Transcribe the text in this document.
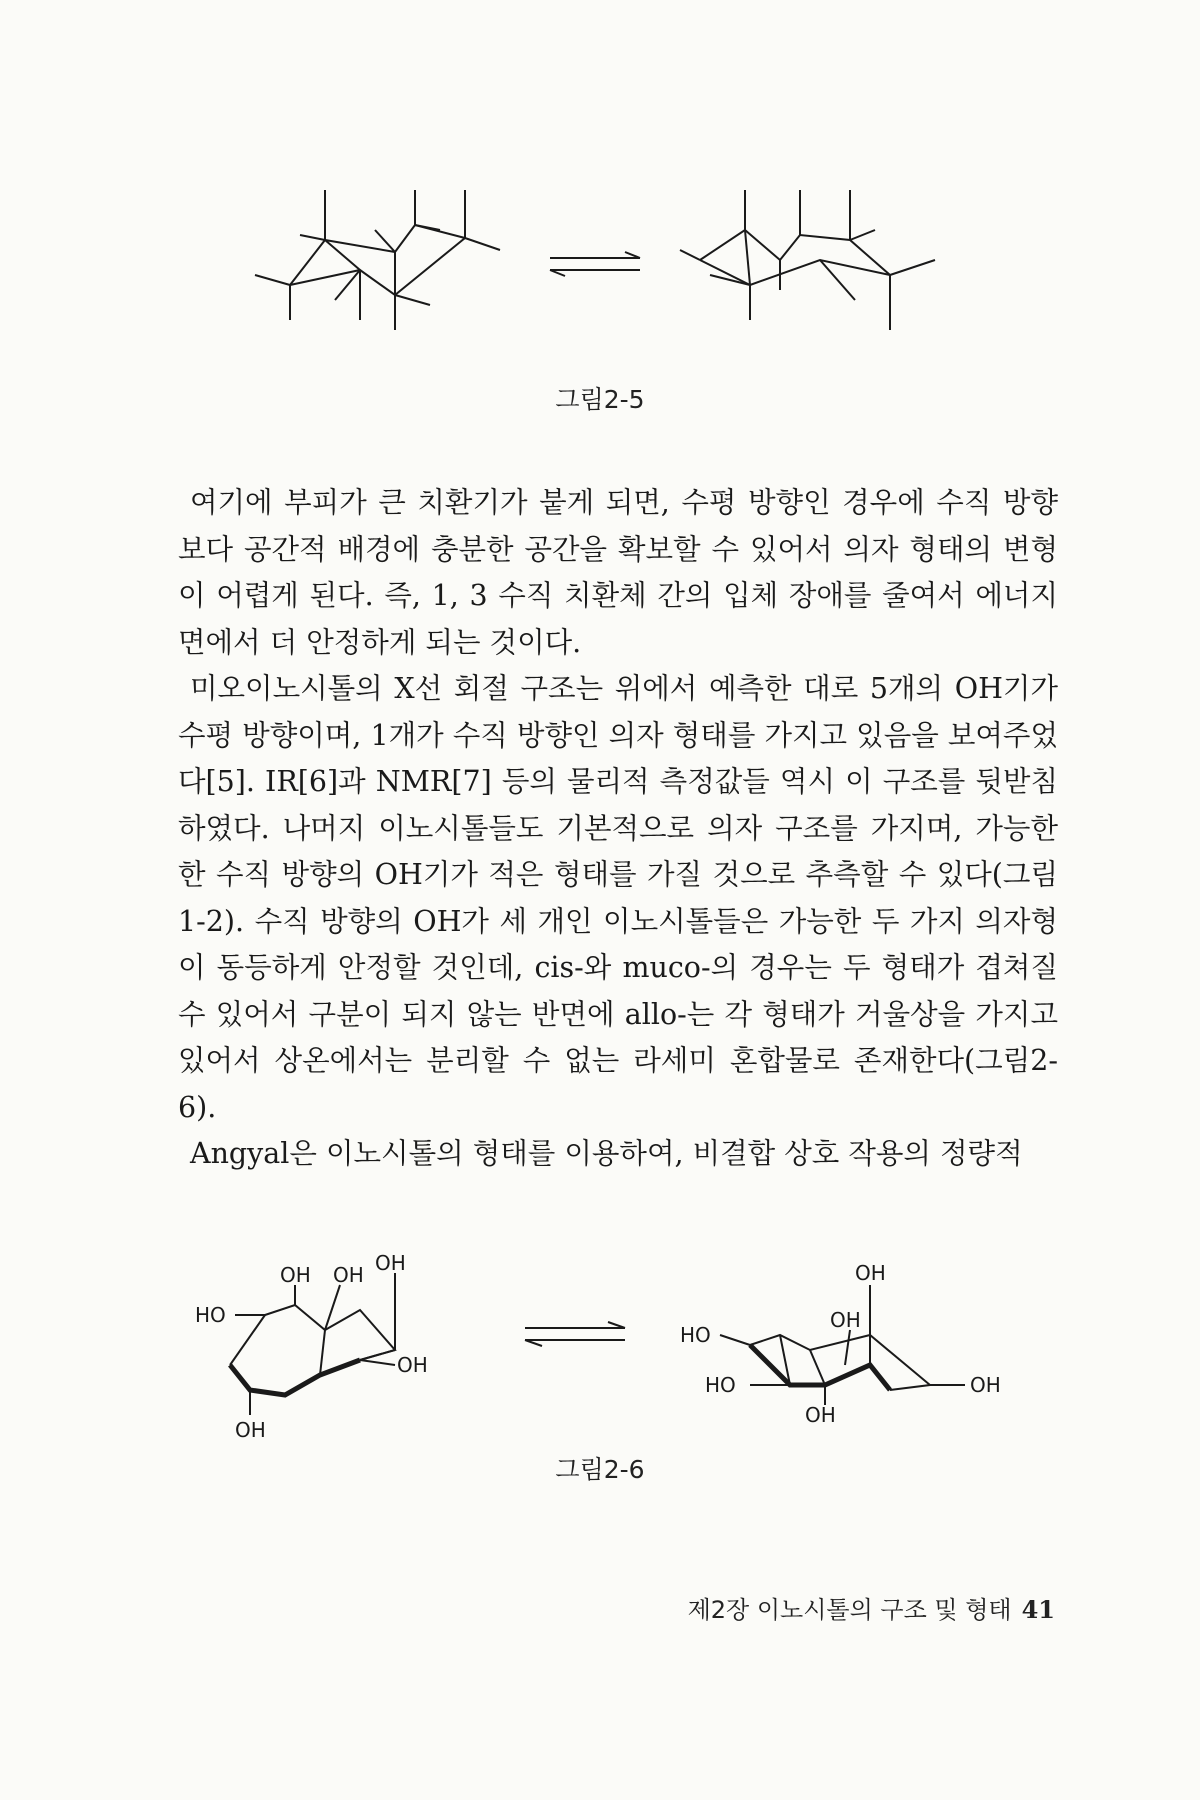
그림2-5

여기에 부피가 큰 치환기가 붙게 되면, 수평 방향인 경우에 수직 방향보다 공간적 배경에 충분한 공간을 확보할 수 있어서 의자 형태의 변형이 어렵게 된다. 즉, 1, 3 수직 치환체 간의 입체 장애를 줄여서 에너지 면에서 더 안정하게 되는 것이다.

미오이노시톨의 X선 회절 구조는 위에서 예측한 대로 5개의 OH기가 수평 방향이며, 1개가 수직 방향인 의자 형태를 가지고 있음을 보여주었다[5]. IR[6]과 NMR[7] 등의 물리적 측정값들 역시 이 구조를 뒷받침하였다. 나머지 이노시톨들도 기본적으로 의자 구조를 가지며, 가능한 한 수직 방향의 OH기가 적은 형태를 가질 것으로 추측할 수 있다(그림1-2). 수직 방향의 OH가 세 개인 이노시톨들은 가능한 두 가지 의자형이 동등하게 안정할 것인데, cis-와 muco-의 경우는 두 형태가 겹쳐질 수 있어서 구분이 되지 않는 반면에 allo-는 각 형태가 거울상을 가지고 있어서 상온에서는 분리할 수 없는 라세미 혼합물로 존재한다(그림2-6).

Angyal은 이노시톨의 형태를 이용하여, 비결합 상호 작용의 정량적

OH
OH OH
HO
OH
OH
OH
OH
HO
HO
OH
OH
그림2-6
제2장 이노시톨의 구조 및 형태 41
